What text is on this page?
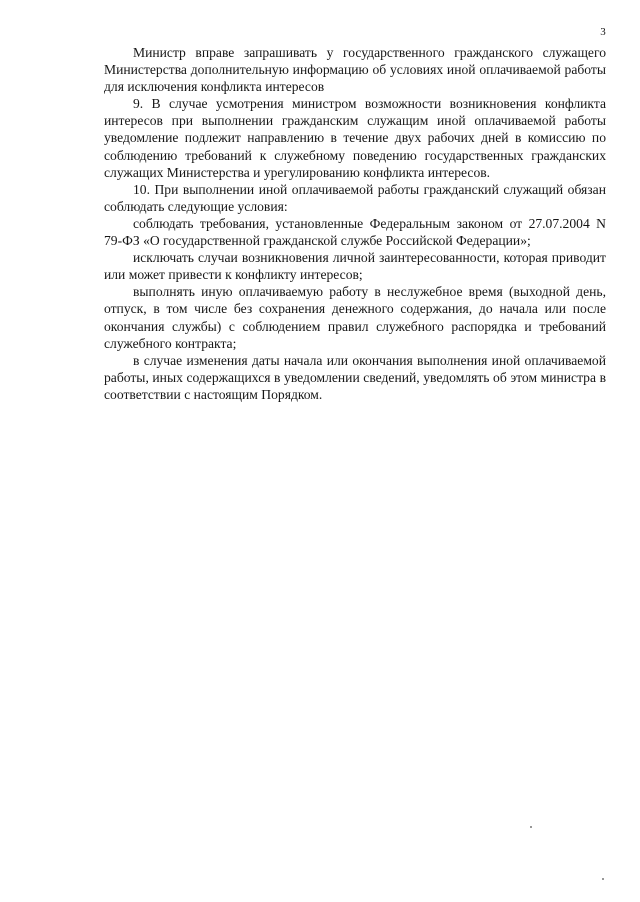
3

Министр вправе запрашивать у государственного гражданского служащего Министерства дополнительную информацию об условиях иной оплачиваемой работы для исключения конфликта интересов

9. В случае усмотрения министром возможности возникновения конфликта интересов при выполнении гражданским служащим иной оплачиваемой работы уведомление подлежит направлению в течение двух рабочих дней в комиссию по соблюдению требований к служебному поведению государственных гражданских служащих Министерства и урегулированию конфликта интересов.

10. При выполнении иной оплачиваемой работы гражданский служащий обязан соблюдать следующие условия:

соблюдать требования, установленные Федеральным законом от 27.07.2004 N 79-ФЗ «О государственной гражданской службе Российской Федерации»;

исключать случаи возникновения личной заинтересованности, которая приводит или может привести к конфликту интересов;

выполнять иную оплачиваемую работу в неслужебное время (выходной день, отпуск, в том числе без сохранения денежного содержания, до начала или после окончания службы) с соблюдением правил служебного распорядка и требований служебного контракта;

в случае изменения даты начала или окончания выполнения иной оплачиваемой работы, иных содержащихся в уведомлении сведений, уведомлять об этом министра в соответствии с настоящим Порядком.
